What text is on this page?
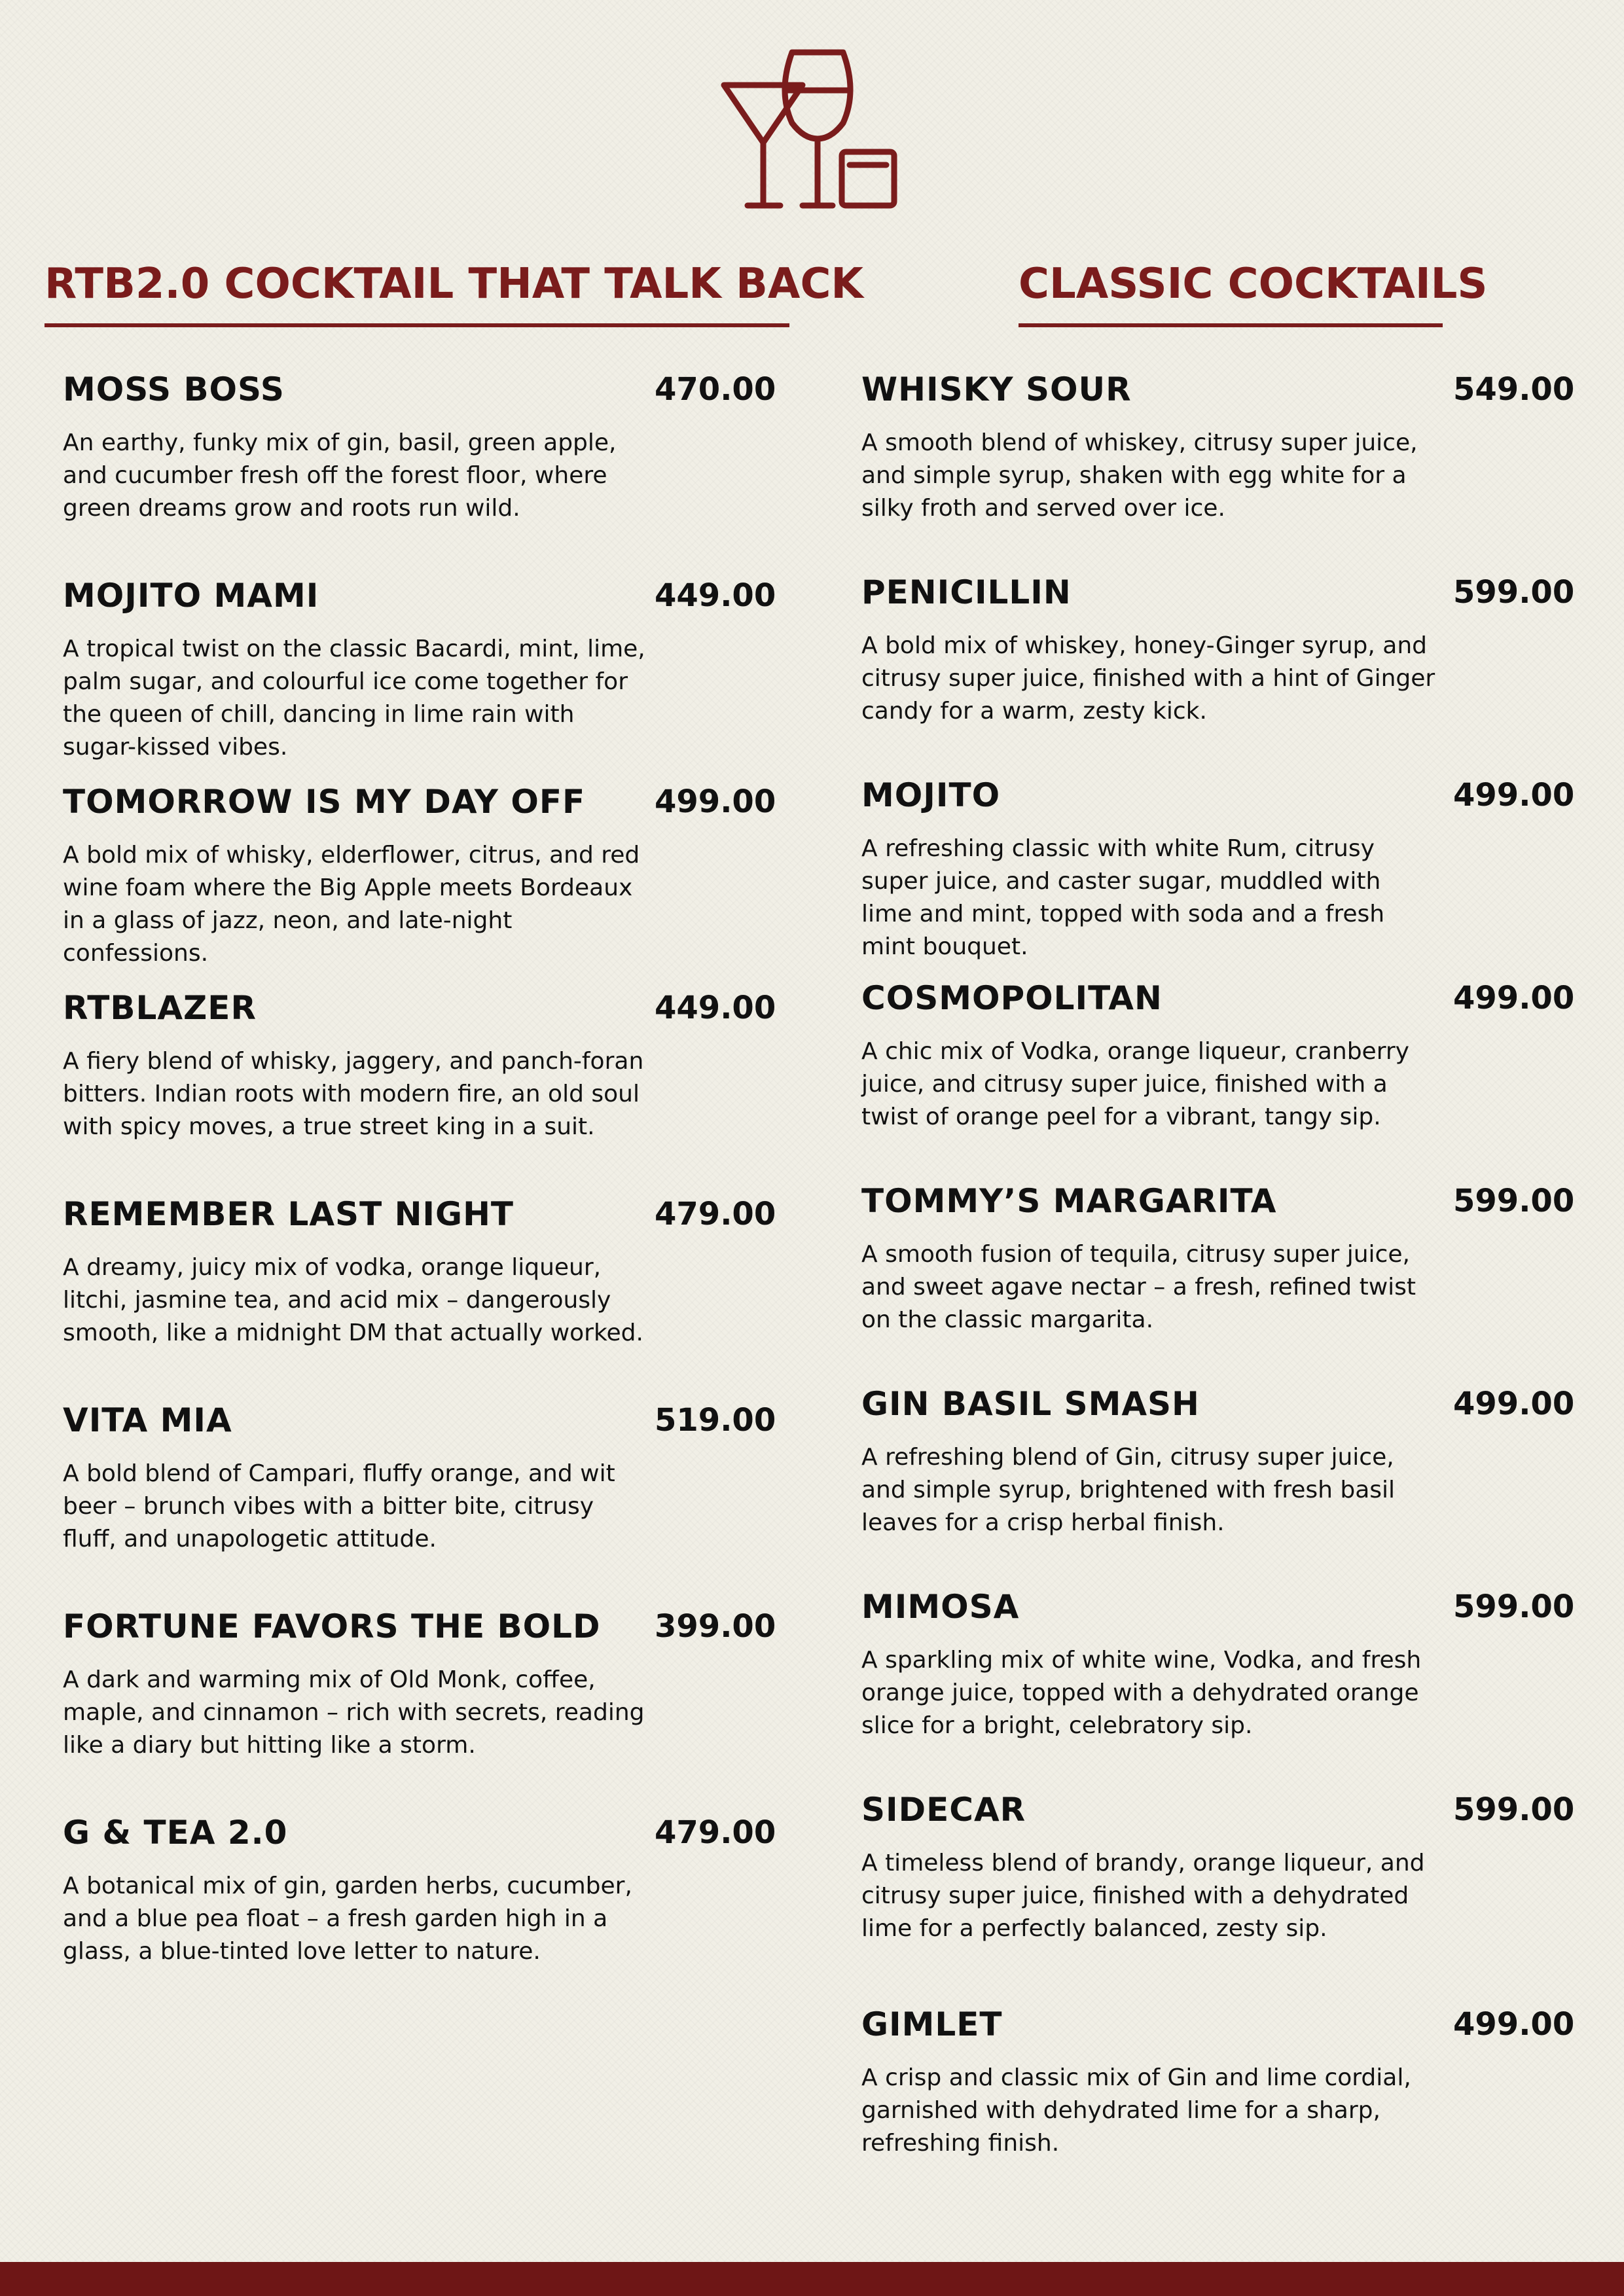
RTB2.0 COCKTAIL THAT TALK BACK	CLASSIC COCKTAILS
MOSS BOSS	470.00

An earthy, funky mix of gin, basil, green apple, and cucumber fresh off the forest floor, where green dreams grow and roots run wild.

MOJITO MAMI	449.00

A tropical twist on the classic Bacardi, mint, lime, palm sugar, and colourful ice come together for the queen of chill, dancing in lime rain with sugar-kissed vibes.

TOMORROW IS MY DAY OFF 499.00

A bold mix of whisky, elderflower, citrus, and red wine foam where the Big Apple meets Bordeaux in a glass of jazz, neon, and late-night confessions.

RTBLAZER	449.00

A fiery blend of whisky, jaggery, and panch-foran bitters. Indian roots with modern fire, an old soul with spicy moves, a true street king in a suit.

REMEMBER LAST NIGHT	479.00

A dreamy, juicy mix of vodka, orange liqueur, litchi, jasmine tea, and acid mix – dangerously smooth, like a midnight DM that actually worked.

VITA MIA	519.00

A bold blend of Campari, fluffy orange, and wit beer – brunch vibes with a bitter bite, citrusy fluff, and unapologetic attitude.

FORTUNE FAVORS THE BOLD 399.00

A dark and warming mix of Old Monk, coffee, maple, and cinnamon – rich with secrets, reading like a diary but hitting like a storm.

G & TEA 2.0	479.00

A botanical mix of gin, garden herbs, cucumber, and a blue pea float – a fresh garden high in a glass, a blue-tinted love letter to nature.

WHISKY SOUR	549.00

A smooth blend of whiskey, citrusy super juice, and simple syrup, shaken with egg white for a silky froth and served over ice.

PENICILLIN	599.00

A bold mix of whiskey, honey-Ginger syrup, and citrusy super juice, finished with a hint of Ginger candy for a warm, zesty kick.

MOJITO	499.00

A refreshing classic with white Rum, citrusy super juice, and caster sugar, muddled with lime and mint, topped with soda and a fresh mint bouquet.

COSMOPOLITAN	499.00

A chic mix of Vodka, orange liqueur, cranberry juice, and citrusy super juice, finished with a twist of orange peel for a vibrant, tangy sip.

TOMMY’S MARGARITA	599.00

A smooth fusion of tequila, citrusy super juice, and sweet agave nectar – a fresh, refined twist on the classic margarita.

GIN BASIL SMASH	499.00

A refreshing blend of Gin, citrusy super juice, and simple syrup, brightened with fresh basil leaves for a crisp herbal finish.

MIMOSA	599.00

A sparkling mix of white wine, Vodka, and fresh orange juice, topped with a dehydrated orange slice for a bright, celebratory sip.

SIDECAR	599.00

A timeless blend of brandy, orange liqueur, and citrusy super juice, finished with a dehydrated lime for a perfectly balanced, zesty sip.

GIMLET	499.00

A crisp and classic mix of Gin and lime cordial, garnished with dehydrated lime for a sharp, refreshing finish.
